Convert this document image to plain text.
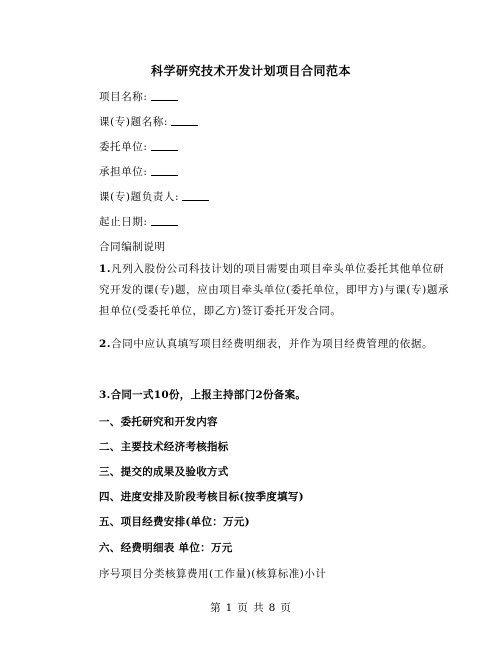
科学研究技术开发计划项目合同范本
项目名称:
课(专)题名称:
委托单位:
承担单位:
课(专)题负责人:
起止日期:
合同编制说明

1.凡列入股份公司科技计划的项目需要由项目牵头单位委托其他单位研究开发的课(专)题，应由项目牵头单位(委托单位，即甲方)与课(专)题承担单位(受委托单位，即乙方)签订委托开发合同。

2.合同中应认真填写项目经费明细表，并作为项目经费管理的依据。

3.合同一式10份，上报主持部门2份备案。
一、委托研究和开发内容
二、主要技术经济考核指标
三、提交的成果及验收方式
四、进度安排及阶段考核目标(按季度填写)
五、项目经费安排(单位：万元)
六、经费明细表 单位：万元
序号项目分类核算费用(工作量)(核算标准)小计
第 1 页 共 8 页
